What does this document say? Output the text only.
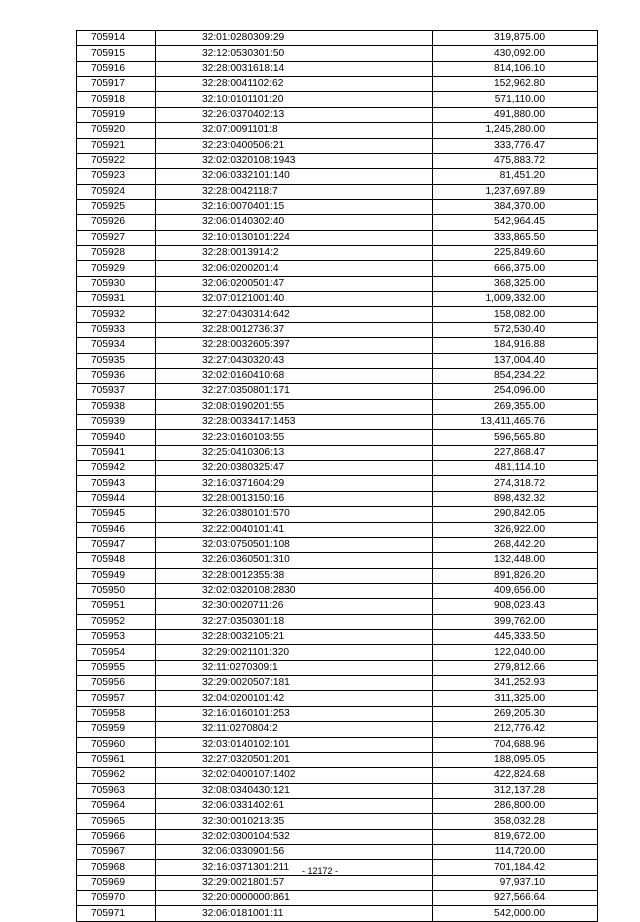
705914	32:01:0280309:29	319,875.00
705915	32:12:0530301:50	430,092.00
705916	32:28:0031618:14	814,106.10
705917	32:28:0041102:62	152,962.80
705918	32:10:0101101:20	571,110.00
705919	32:26:0370402:13	491,880.00
705920	32:07:0091101:8	1,245,280.00
705921	32:23:0400506:21	333,776.47
705922	32:02:0320108:1943	475,883.72
705923	32:06:0332101:140	81,451.20
705924	32:28:0042118:7	1,237,697.89
705925	32:16:0070401:15	384,370.00
705926	32:06:0140302:40	542,964.45
705927	32:10:0130101:224	333,865.50
705928	32:28:0013914:2	225,849.60
705929	32:06:0200201:4	666,375.00
705930	32:06:0200501:47	368,325.00
705931	32:07:0121001:40	1,009,332.00
705932	32:27:0430314:642	158,082.00
705933	32:28:0012736:37	572,530.40
705934	32:28:0032605:397	184,916.88
705935	32:27:0430320:43	137,004.40
705936	32:02:0160410:68	854,234.22
705937	32:27:0350801:171	254,096.00
705938	32:08:0190201:55	269,355.00
705939	32:28:0033417:1453	13,411,465.76
705940	32:23:0160103:55	596,565.80
705941	32:25:0410306:13	227,868.47
705942	32:20:0380325:47	481,114.10
705943	32:16:0371604:29	274,318.72
705944	32:28:0013150:16	898,432.32
705945	32:26:0380101:570	290,842.05
705946	32:22:0040101:41	326,922.00
705947	32:03:0750501:108	268,442.20
705948	32:26:0360501:310	132,448.00
705949	32:28:0012355:38	891,826.20
705950	32:02:0320108:2830	409,656.00
705951	32:30:0020711:26	908,023.43
705952	32:27:0350301:18	399,762.00
705953	32:28:0032105:21	445,333.50
705954	32:29:0021101:320	122,040.00
705955	32:11:0270309:1	279,812.66
705956	32:29:0020507:181	341,252.93
705957	32:04:0200101:42	311,325.00
705958	32:16:0160101:253	269,205.30
705959	32:11:0270804:2	212,776.42
705960	32:03:0140102:101	704,688.96
705961	32:27:0320501:201	188,095.05
705962	32:02:0400107:1402	422,824.68
705963	32:08:0340430:121	312,137.28
705964	32:06:0331402:61	286,800.00
705965	32:30:0010213:35	358,032.28
705966	32:02:0300104:532	819,672.00
705967	32:06:0330901:56	114,720.00
705968	32:16:0371301:211	701,184.42
705969	32:29:0021801:57	97,937.10
705970	32:20:0000000:861	927,566.64
705971	32:06:0181001:11	542,000.00
- 12172 -
